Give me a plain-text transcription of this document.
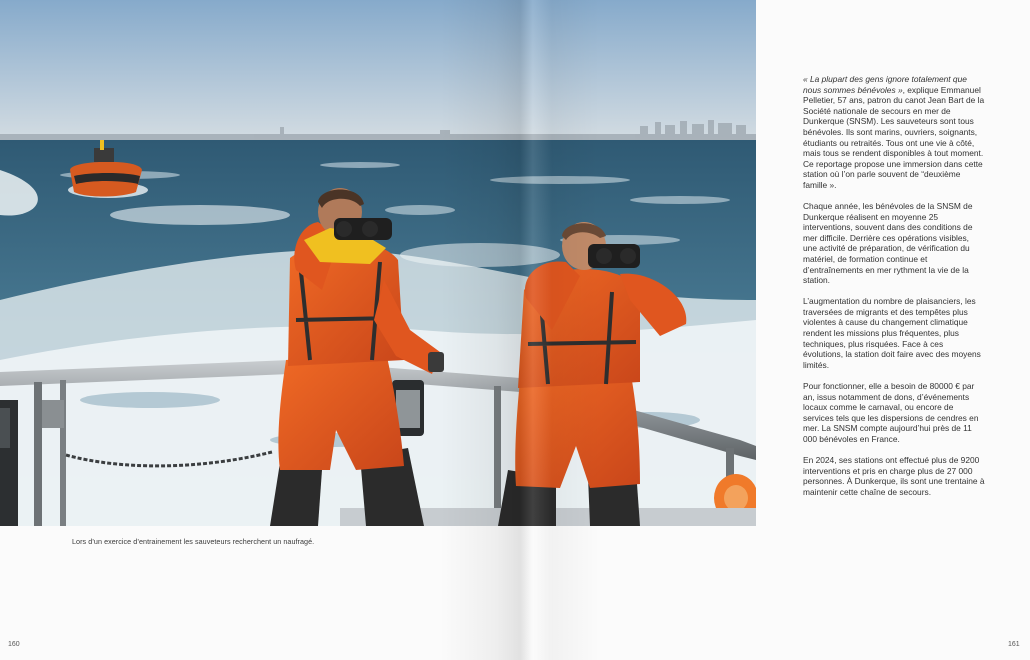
Lors d’un exercice d’entrainement les sauveteurs recherchent un naufragé.

« La plupart des gens ignore totalement que nous sommes bénévoles », explique Emmanuel Pelletier, 57 ans, patron du canot Jean Bart de la Société nationale de secours en mer de Dunkerque (SNSM). Les sauveteurs sont tous bénévoles. Ils sont marins, ouvriers, soignants, étudiants ou retraités. Tous ont une vie à côté, mais tous se rendent disponibles à tout moment. Ce reportage propose une immersion dans cette station où l’on parle souvent de “deuxième famille ».

Chaque année, les bénévoles de la SNSM de Dunkerque réalisent en moyenne 25 interventions, souvent dans des conditions de mer difficile. Derrière ces opérations visibles, une activité de préparation, de vérification du matériel, de formation continue et d’entraînements en mer rythment la vie de la station.

L’augmentation du nombre de plaisanciers, les traversées de migrants et des tempêtes plus violentes à cause du changement climatique rendent les missions plus fréquentes, plus techniques, plus risquées. Face à ces évolutions, la station doit faire avec des moyens limités.

Pour fonctionner, elle a besoin de 80000 € par an, issus notamment de dons, d’événements locaux comme le carnaval, ou encore de services tels que les dispersions de cendres en mer. La SNSM compte aujourd’hui près de 11 000 bénévoles en France.

En 2024, ses stations ont effectué plus de 9200 interventions et pris en charge plus de 27 000 personnes. À Dunkerque, ils sont une trentaine à maintenir cette chaîne de secours.

160	161
